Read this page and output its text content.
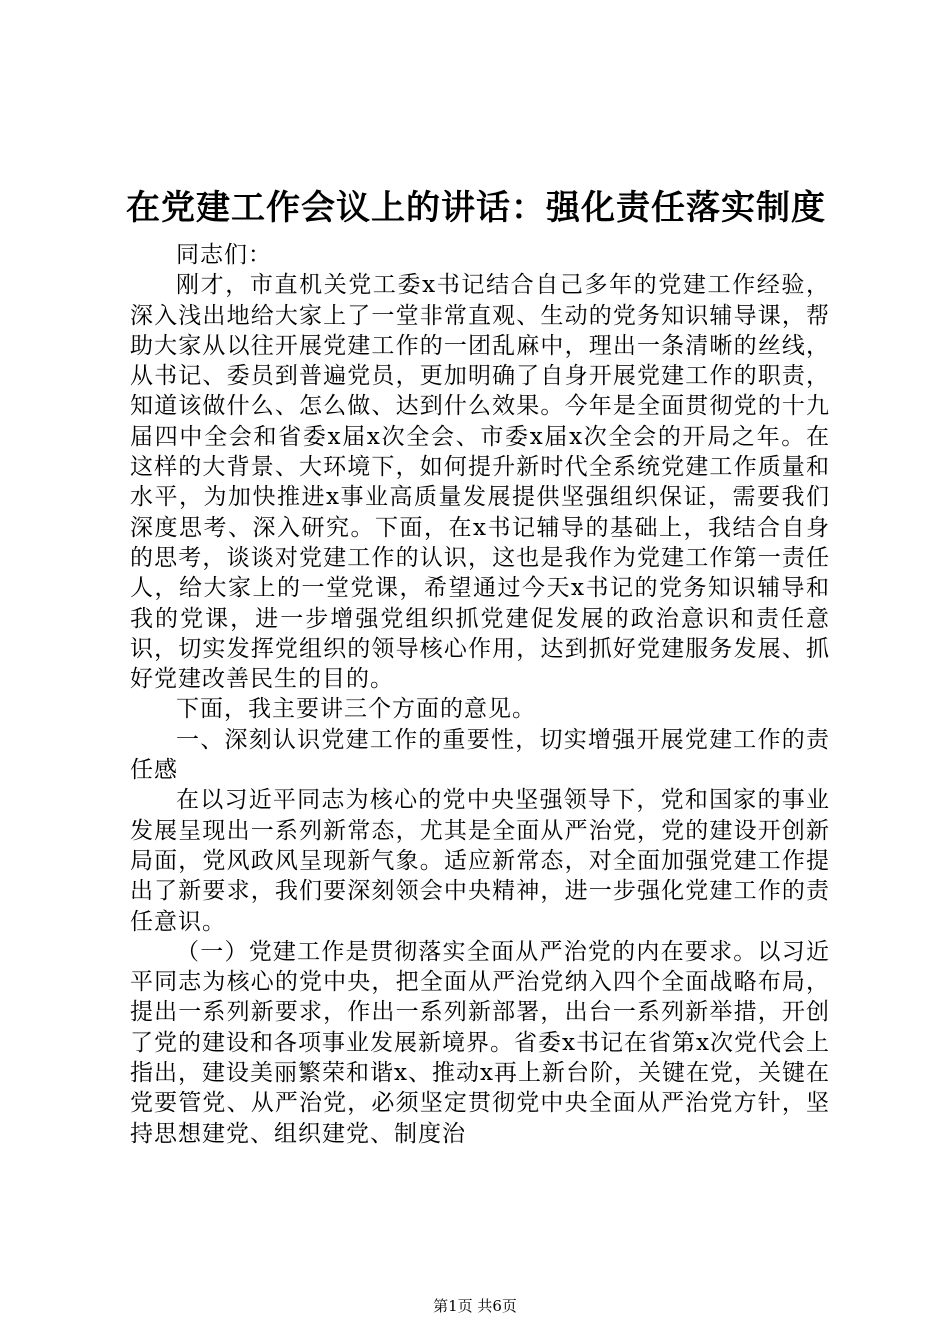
在党建工作会议上的讲话：强化责任落实制度

同志们：

刚才，市直机关党工委x书记结合自己多年的党建工作经验，深入浅出地给大家上了一堂非常直观、生动的党务知识辅导课，帮助大家从以往开展党建工作的一团乱麻中，理出一条清晰的丝线，从书记、委员到普遍党员，更加明确了自身开展党建工作的职责，知道该做什么、怎么做、达到什么效果。今年是全面贯彻党的十九届四中全会和省委x届x次全会、市委x届x次全会的开局之年。在这样的大背景、大环境下，如何提升新时代全系统党建工作质量和水平，为加快推进x事业高质量发展提供坚强组织保证，需要我们深度思考、深入研究。下面，在x书记辅导的基础上，我结合自身的思考，谈谈对党建工作的认识，这也是我作为党建工作第一责任人，给大家上的一堂党课，希望通过今天x书记的党务知识辅导和我的党课，进一步增强党组织抓党建促发展的政治意识和责任意识，切实发挥党组织的领导核心作用，达到抓好党建服务发展、抓好党建改善民生的目的。

下面，我主要讲三个方面的意见。

一、深刻认识党建工作的重要性，切实增强开展党建工作的责任感

在以习近平同志为核心的党中央坚强领导下，党和国家的事业发展呈现出一系列新常态，尤其是全面从严治党，党的建设开创新局面，党风政风呈现新气象。适应新常态，对全面加强党建工作提出了新要求，我们要深刻领会中央精神，进一步强化党建工作的责任意识。

（一）党建工作是贯彻落实全面从严治党的内在要求。以习近平同志为核心的党中央，把全面从严治党纳入四个全面战略布局，提出一系列新要求，作出一系列新部署，出台一系列新举措，开创了党的建设和各项事业发展新境界。省委x书记在省第x次党代会上指出，建设美丽繁荣和谐x、推动x再上新台阶，关键在党，关键在党要管党、从严治党，必须坚定贯彻党中央全面从严治党方针，坚持思想建党、组织建党、制度治

第1页 共6页
